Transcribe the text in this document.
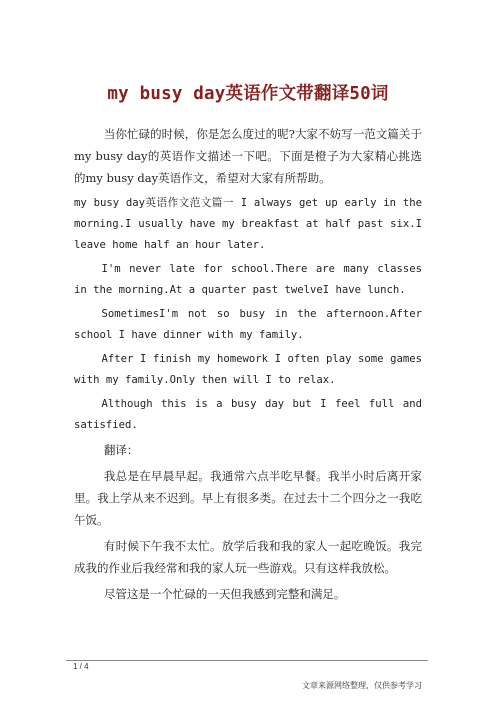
my busy day英语作文带翻译50词

当你忙碌的时候，你是怎么度过的呢?大家不妨写一范文篇关于my busy day的英语作文描述一下吧。下面是橙子为大家精心挑选的my busy day英语作文，希望对大家有所帮助。

my busy day英语作文范文篇一 I always get up early in the morning.I usually have my breakfast at half past six.I leave home half an hour later.

I'm never late for school.There are many classes in the morning.At a quarter past twelveI have lunch.

SometimesI'm not so busy in the afternoon.After school I have dinner with my family.

After I finish my homework I often play some games with my family.Only then will I to relax.

Although this is a busy day but I feel full and satisfied.

翻译：

我总是在早晨早起。我通常六点半吃早餐。我半小时后离开家里。我上学从来不迟到。早上有很多类。在过去十二个四分之一我吃午饭。

有时候下午我不太忙。放学后我和我的家人一起吃晚饭。我完成我的作业后我经常和我的家人玩一些游戏。只有这样我放松。

尽管这是一个忙碌的一天但我感到完整和满足。

1 / 4
文章来源网络整理，仅供参考学习
